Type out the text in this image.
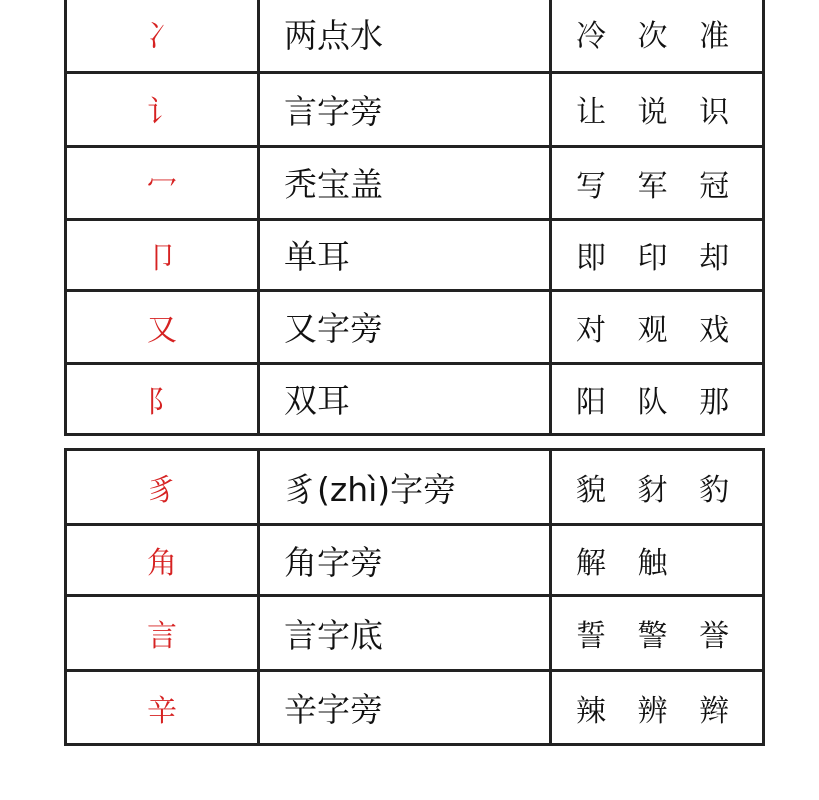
冫	两点水	冷 次 准
讠	言字旁	让 说 识
冖	秃宝盖	写 军 冠
卩	单耳	即 印 却
又	又字旁	对 观 戏
阝	双耳	阳 队 那
豸	豸(zhì)字旁	貌 豺 豹
角	角字旁	解 触
言	言字底	誓 警 誉
辛	辛字旁	辣 辨 辫
